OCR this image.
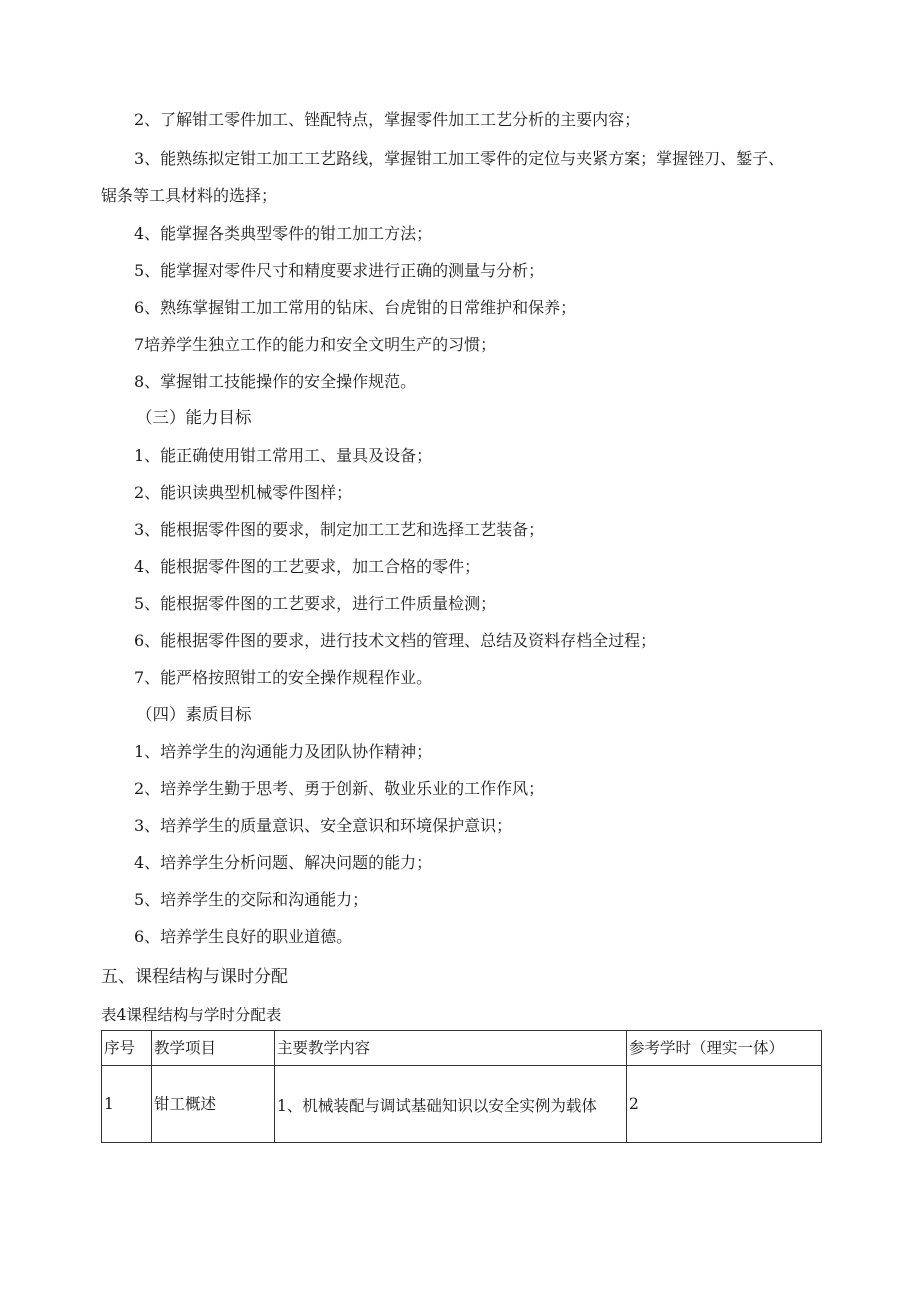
2、了解钳工零件加工、锉配特点，掌握零件加工工艺分析的主要内容；
3、能熟练拟定钳工加工工艺路线，掌握钳工加工零件的定位与夹紧方案；掌握锉刀、錾子、
锯条等工具材料的选择；
4、能掌握各类典型零件的钳工加工方法；
5、能掌握对零件尺寸和精度要求进行正确的测量与分析；
6、熟练掌握钳工加工常用的钻床、台虎钳的日常维护和保养；
7培养学生独立工作的能力和安全文明生产的习惯；
8、掌握钳工技能操作的安全操作规范。
（三）能力目标
1、能正确使用钳工常用工、量具及设备；
2、能识读典型机械零件图样；
3、能根据零件图的要求，制定加工工艺和选择工艺装备；
4、能根据零件图的工艺要求，加工合格的零件；
5、能根据零件图的工艺要求，进行工件质量检测；
6、能根据零件图的要求，进行技术文档的管理、总结及资料存档全过程；
7、能严格按照钳工的安全操作规程作业。
（四）素质目标
1、培养学生的沟通能力及团队协作精神；
2、培养学生勤于思考、勇于创新、敬业乐业的工作作风；
3、培养学生的质量意识、安全意识和环境保护意识；
4、培养学生分析问题、解决问题的能力；
5、培养学生的交际和沟通能力；
6、培养学生良好的职业道德。
五、课程结构与课时分配
表4课程结构与学时分配表
序号	教学项目	主要教学内容	参考学时（理实一体）
1	钳工概述	1、机械装配与调试基础知识以安全实例为载体	2
